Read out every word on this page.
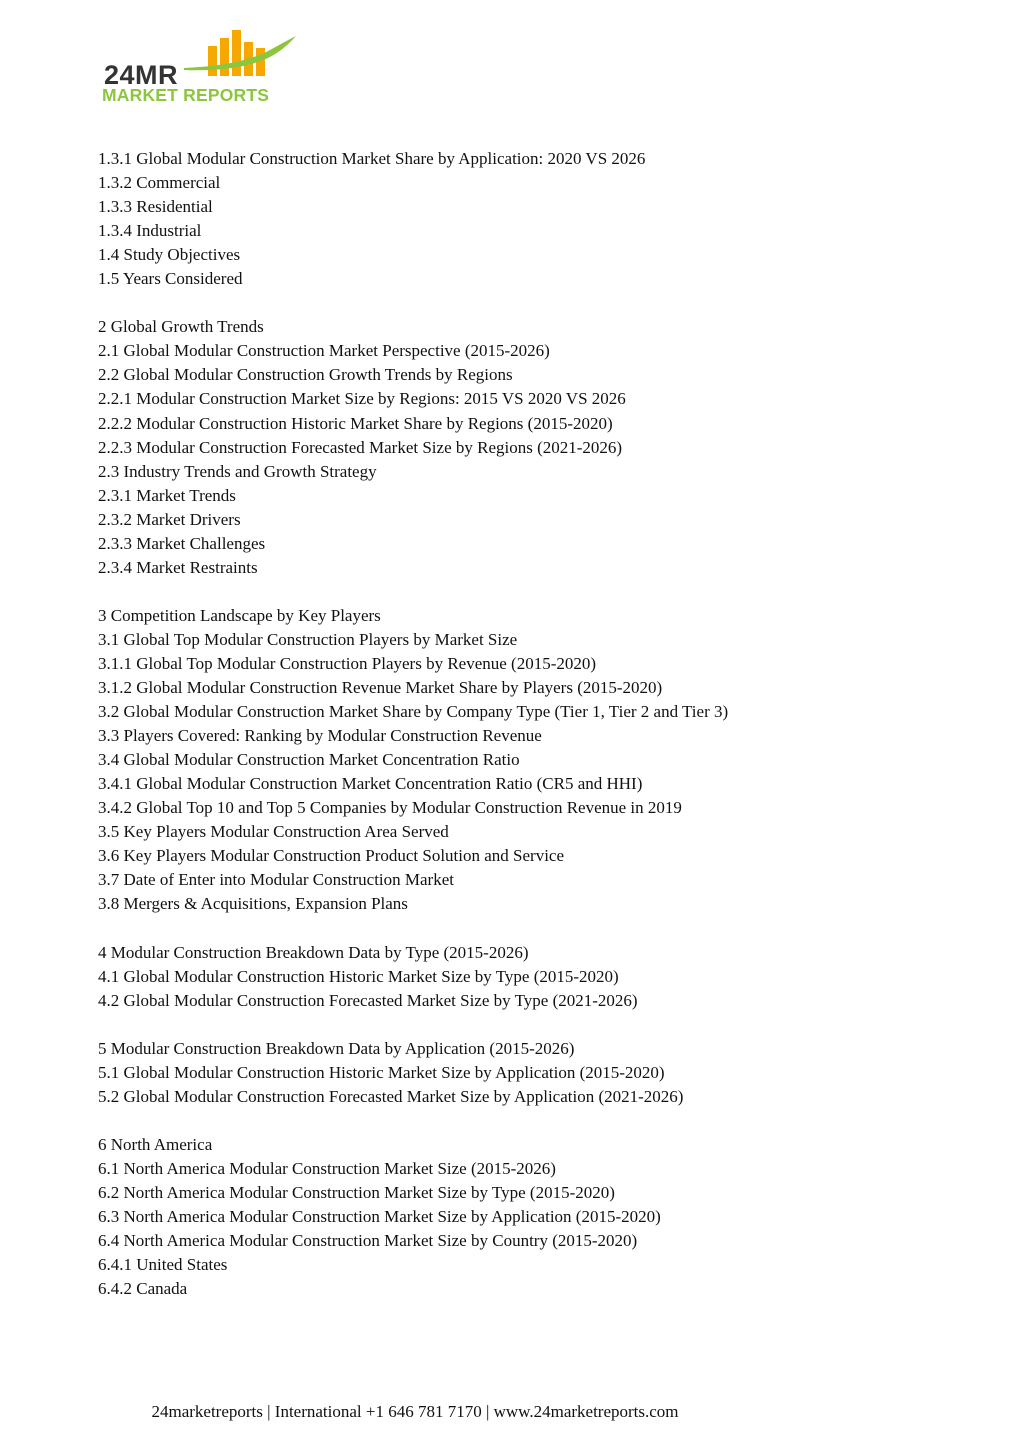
24MR
MARKET REPORTS
1.3.1 Global Modular Construction Market Share by Application: 2020 VS 2026
1.3.2 Commercial
1.3.3 Residential
1.3.4 Industrial
1.4 Study Objectives
1.5 Years Considered
2 Global Growth Trends
2.1 Global Modular Construction Market Perspective (2015-2026)
2.2 Global Modular Construction Growth Trends by Regions
2.2.1 Modular Construction Market Size by Regions: 2015 VS 2020 VS 2026
2.2.2 Modular Construction Historic Market Share by Regions (2015-2020)
2.2.3 Modular Construction Forecasted Market Size by Regions (2021-2026)
2.3 Industry Trends and Growth Strategy
2.3.1 Market Trends
2.3.2 Market Drivers
2.3.3 Market Challenges
2.3.4 Market Restraints
3 Competition Landscape by Key Players
3.1 Global Top Modular Construction Players by Market Size
3.1.1 Global Top Modular Construction Players by Revenue (2015-2020)
3.1.2 Global Modular Construction Revenue Market Share by Players (2015-2020)
3.2 Global Modular Construction Market Share by Company Type (Tier 1, Tier 2 and Tier 3)
3.3 Players Covered: Ranking by Modular Construction Revenue
3.4 Global Modular Construction Market Concentration Ratio
3.4.1 Global Modular Construction Market Concentration Ratio (CR5 and HHI)
3.4.2 Global Top 10 and Top 5 Companies by Modular Construction Revenue in 2019
3.5 Key Players Modular Construction Area Served
3.6 Key Players Modular Construction Product Solution and Service
3.7 Date of Enter into Modular Construction Market
3.8 Mergers & Acquisitions, Expansion Plans
4 Modular Construction Breakdown Data by Type (2015-2026)
4.1 Global Modular Construction Historic Market Size by Type (2015-2020)
4.2 Global Modular Construction Forecasted Market Size by Type (2021-2026)
5 Modular Construction Breakdown Data by Application (2015-2026)
5.1 Global Modular Construction Historic Market Size by Application (2015-2020)
5.2 Global Modular Construction Forecasted Market Size by Application (2021-2026)
6 North America
6.1 North America Modular Construction Market Size (2015-2026)
6.2 North America Modular Construction Market Size by Type (2015-2020)
6.3 North America Modular Construction Market Size by Application (2015-2020)
6.4 North America Modular Construction Market Size by Country (2015-2020)
6.4.1 United States
6.4.2 Canada
24marketreports | International +1 646 781 7170 | www.24marketreports.com
